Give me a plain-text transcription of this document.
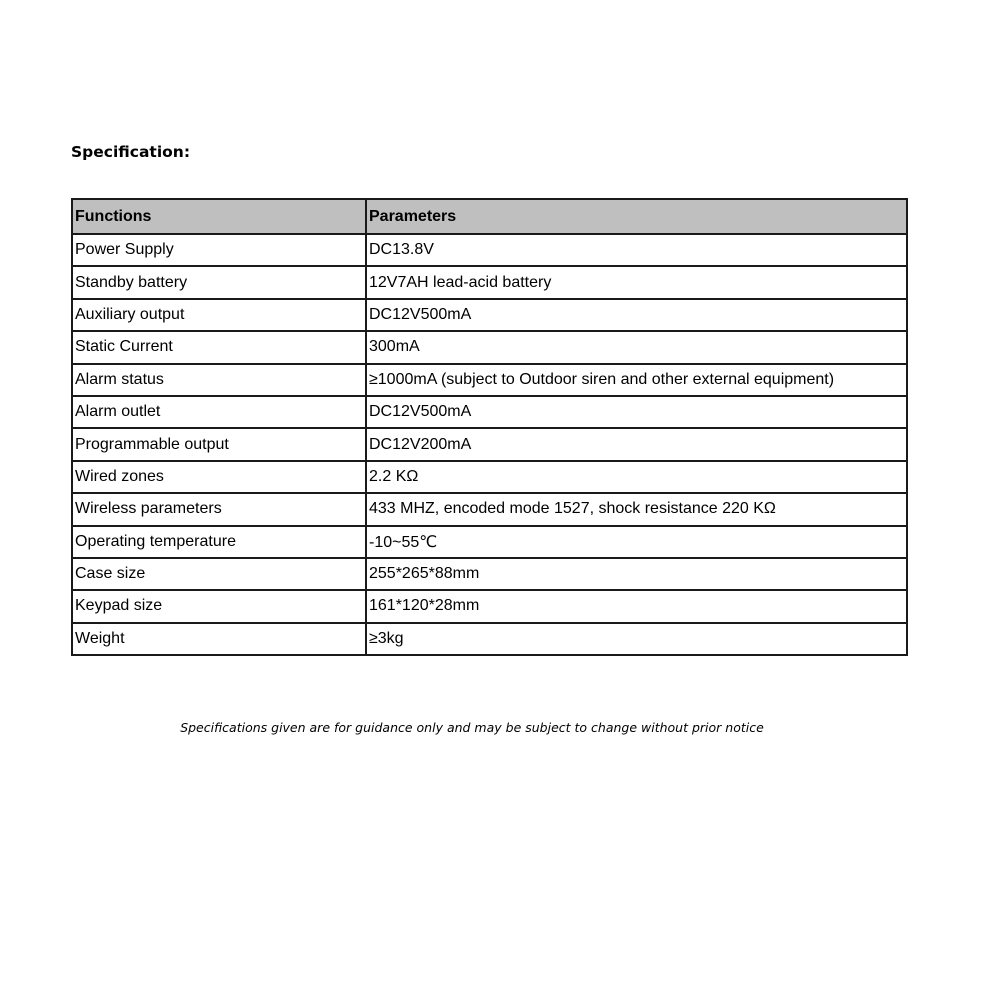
Specification:
Functions	Parameters
Power Supply	DC13.8V
Standby battery	12V7AH lead-acid battery
Auxiliary output	DC12V500mA
Static Current	300mA
Alarm status	≥1000mA (subject to Outdoor siren and other external equipment)
Alarm outlet	DC12V500mA
Programmable output	DC12V200mA
Wired zones	2.2 KΩ
Wireless parameters	433 MHZ, encoded mode 1527, shock resistance 220 KΩ
Operating temperature	-10~55℃
Case size	255*265*88mm
Keypad size	161*120*28mm
Weight	≥3kg
Specifications given are for guidance only and may be subject to change without prior notice
